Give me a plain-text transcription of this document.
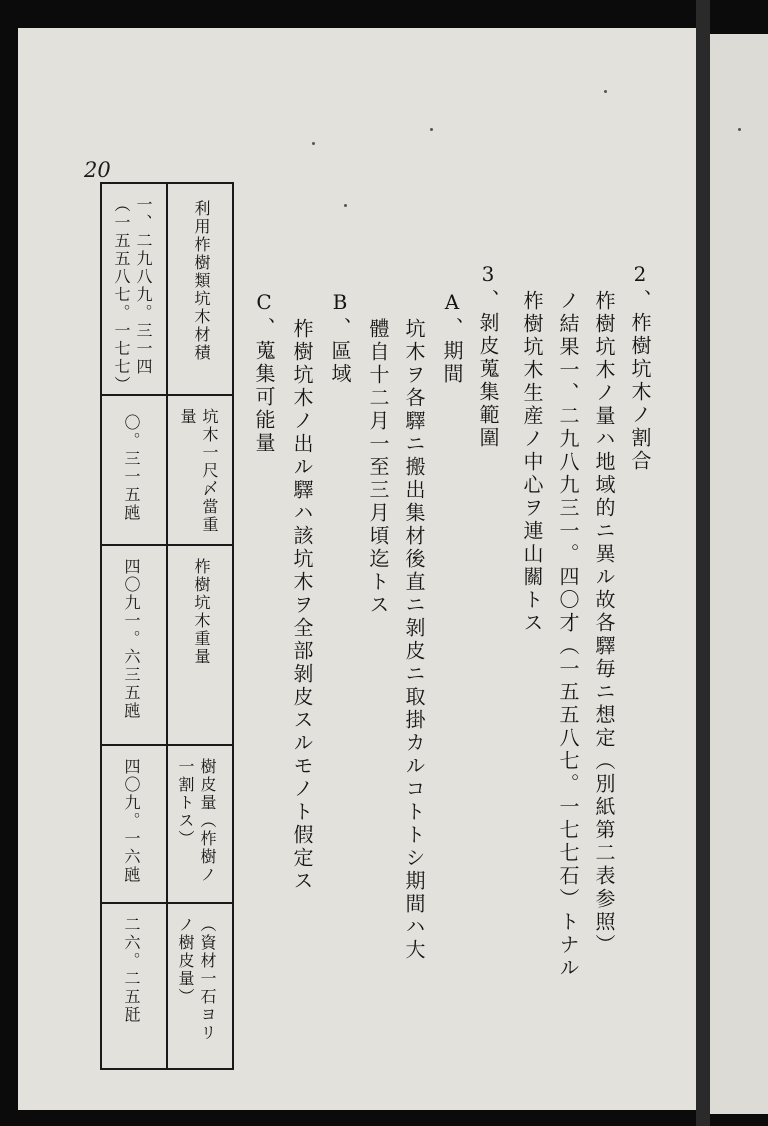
20
2、柞樹坑木ノ割合
柞樹坑木ノ量ハ地域的ニ異ル故各驛毎ニ想定（別紙第二表参照）
ノ結果一、二九八九三一。四〇才（一五五八七。一七七石）トナル
柞樹坑木生産ノ中心ヲ連山關トス
3、剝皮蒐集範圍
A、期間
坑木ヲ各驛ニ搬出集材後直ニ剝皮ニ取掛カルコトトシ期間ハ大
體自十二月一至三月頃迄トス
B、區域
柞樹坑木ノ出ル驛ハ該坑木ヲ全部剝皮スルモノト假定ス
C、蒐集可能量
利用柞樹類坑木材積
坑木一尺〆當重量
柞樹坑木重量
樹皮量（柞樹ノ一割トス）
（資材一石ヨリノ樹皮量）
一、二九八九。三一四（一五五八七。一七七）
〇。三一五瓲
四〇九一。六三五瓲
四〇九。一六瓲
二六。二五瓩
